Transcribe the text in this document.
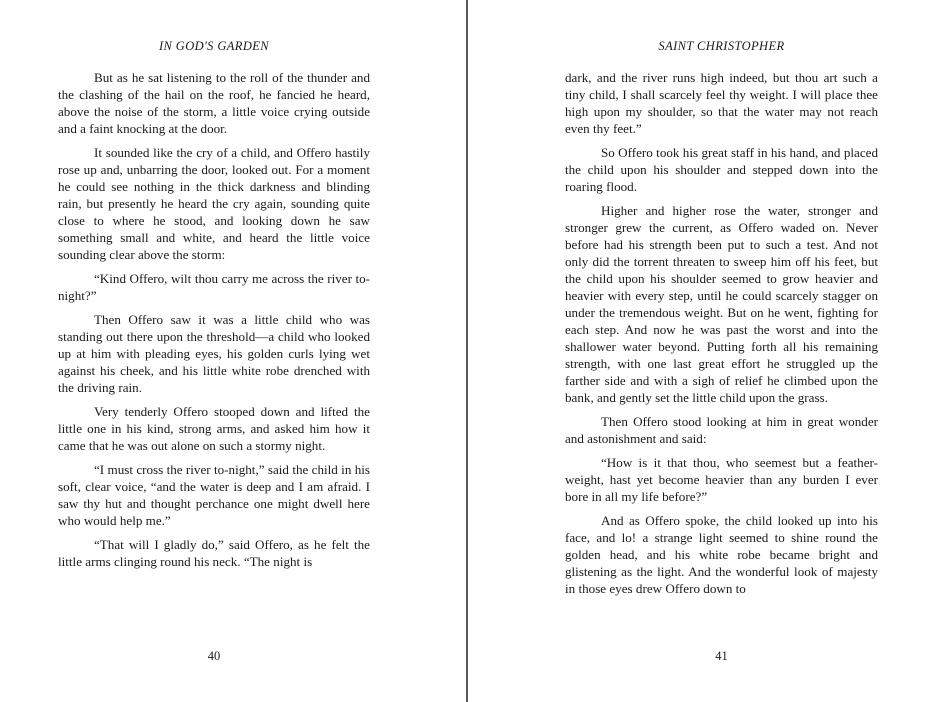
IN GOD'S GARDEN

But as he sat listening to the roll of the thunder and the clashing of the hail on the roof, he fancied he heard, above the noise of the storm, a little voice crying outside and a faint knocking at the door.

It sounded like the cry of a child, and Offero hastily rose up and, unbarring the door, looked out. For a moment he could see nothing in the thick darkness and blinding rain, but presently he heard the cry again, sounding quite close to where he stood, and looking down he saw something small and white, and heard the little voice sounding clear above the storm:

“Kind Offero, wilt thou carry me across the river to-night?”

Then Offero saw it was a little child who was standing out there upon the threshold—a child who looked up at him with pleading eyes, his golden curls lying wet against his cheek, and his little white robe drenched with the driving rain.

Very tenderly Offero stooped down and lifted the little one in his kind, strong arms, and asked him how it came that he was out alone on such a stormy night.

“I must cross the river to-night,” said the child in his soft, clear voice, “and the water is deep and I am afraid. I saw thy hut and thought perchance one might dwell here who would help me.”

“That will I gladly do,” said Offero, as he felt the little arms clinging round his neck. “The night is

40
SAINT CHRISTOPHER

dark, and the river runs high indeed, but thou art such a tiny child, I shall scarcely feel thy weight. I will place thee high upon my shoulder, so that the water may not reach even thy feet.”

So Offero took his great staff in his hand, and placed the child upon his shoulder and stepped down into the roaring flood.

Higher and higher rose the water, stronger and stronger grew the current, as Offero waded on. Never before had his strength been put to such a test. And not only did the torrent threaten to sweep him off his feet, but the child upon his shoulder seemed to grow heavier and heavier with every step, until he could scarcely stagger on under the tremendous weight. But on he went, fighting for each step. And now he was past the worst and into the shallower water beyond. Putting forth all his remaining strength, with one last great effort he struggled up the farther side and with a sigh of relief he climbed upon the bank, and gently set the little child upon the grass.

Then Offero stood looking at him in great wonder and astonishment and said:

“How is it that thou, who seemest but a feather-weight, hast yet become heavier than any burden I ever bore in all my life before?”

And as Offero spoke, the child looked up into his face, and lo! a strange light seemed to shine round the golden head, and his white robe became bright and glistening as the light. And the wonderful look of majesty in those eyes drew Offero down to

41
